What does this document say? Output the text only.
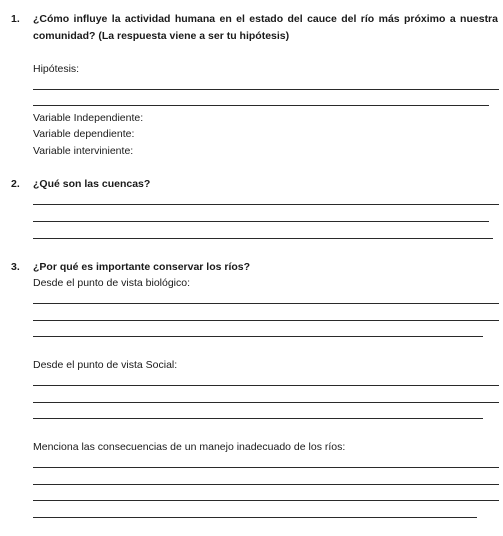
1. ¿Cómo influye la actividad humana en el estado del cauce del río más próximo a nuestra
comunidad? (La respuesta viene a ser tu hipótesis)
Hipótesis:
Variable Independiente:
Variable dependiente:
Variable interviniente:
2. ¿Qué son las cuencas?
3. ¿Por qué es importante conservar los ríos?
Desde el punto de vista biológico:
Desde el punto de vista Social:
Menciona las consecuencias de un manejo inadecuado de los ríos:
